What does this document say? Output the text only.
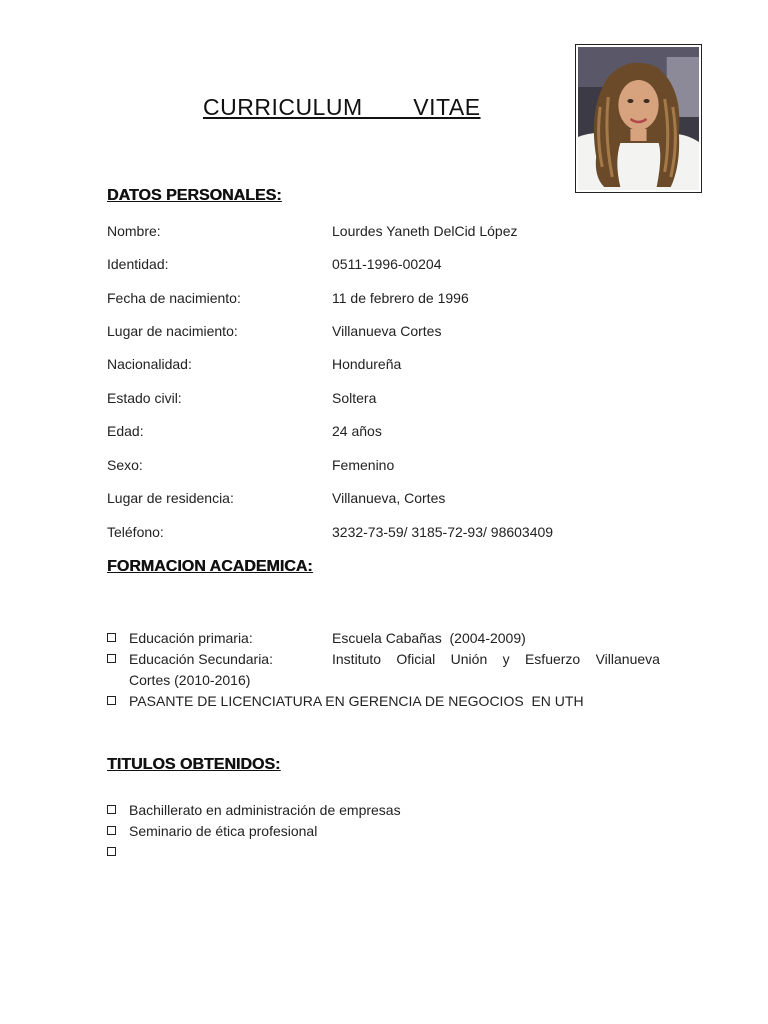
CURRICULUM   VITAE
DATOS PERSONALES:
Nombre:	Lourdes Yaneth DelCid López
Identidad:	0511-1996-00204
Fecha de nacimiento:	11 de febrero de 1996
Lugar de nacimiento:	Villanueva Cortes
Nacionalidad:	Hondureña
Estado civil:	Soltera
Edad:	24 años
Sexo:	Femenino
Lugar de residencia:	Villanueva, Cortes
Teléfono:	3232-73-59/ 3185-72-93/ 98603409
FORMACION ACADEMICA:
Educación primaria:	Escuela Cabañas  (2004-2009)
Educación Secundaria:	Instituto Oficial Unión y Esfuerzo Villanueva
Cortes (2010-2016)
PASANTE DE LICENCIATURA EN GERENCIA DE NEGOCIOS  EN UTH
TITULOS OBTENIDOS:
Bachillerato en administración de empresas
Seminario de ética profesional
